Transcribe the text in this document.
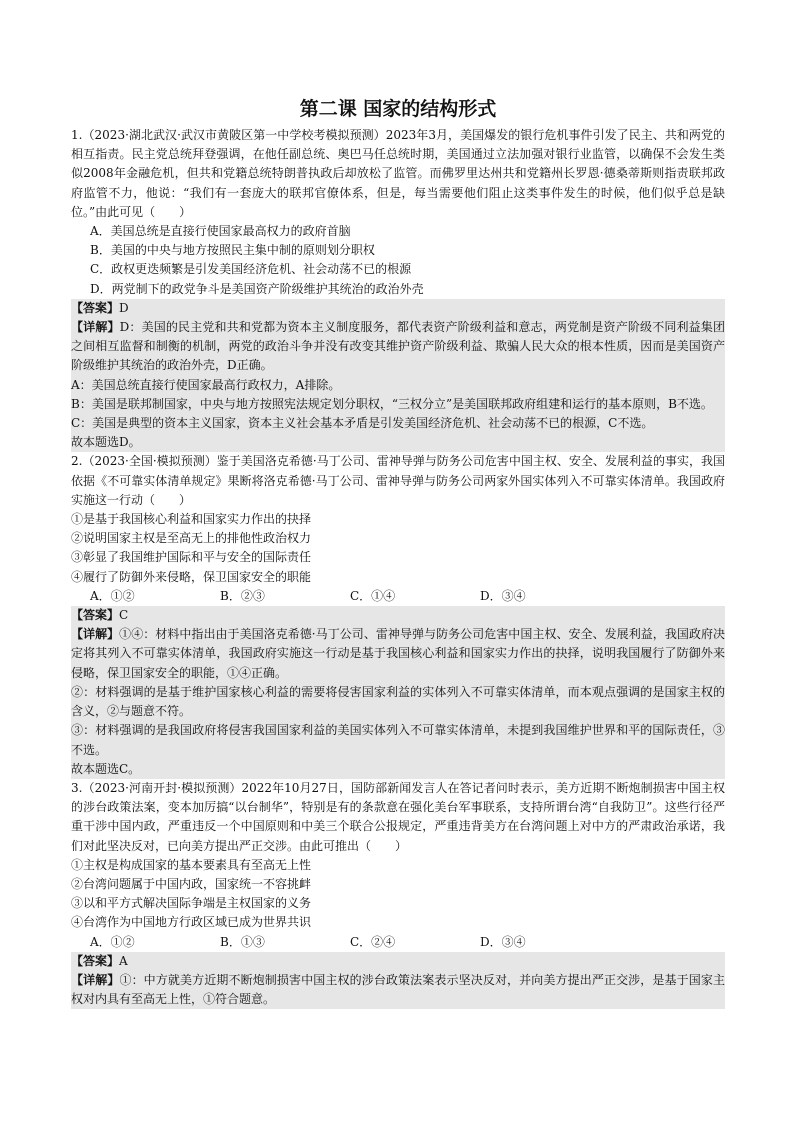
第二课 国家的结构形式

1.（2023·湖北武汉·武汉市黄陂区第一中学校考模拟预测）2023年3月，美国爆发的银行危机事件引发了民主、共和两党的相互指责。民主党总统拜登强调，在他任副总统、奥巴马任总统时期，美国通过立法加强对银行业监管，以确保不会发生类似2008年金融危机，但共和党籍总统特朗普执政后却放松了监管。而佛罗里达州共和党籍州长罗恩·德桑蒂斯则指责联邦政府监管不力，他说：“我们有一套庞大的联邦官僚体系，但是，每当需要他们阻止这类事件发生的时候，他们似乎总是缺位。”由此可见（　　）

A．美国总统是直接行使国家最高权力的政府首脑

B．美国的中央与地方按照民主集中制的原则划分职权

C．政权更迭频繁是引发美国经济危机、社会动荡不已的根源

D．两党制下的政党争斗是美国资产阶级维护其统治的政治外壳

【答案】D

【详解】D：美国的民主党和共和党都为资本主义制度服务，都代表资产阶级利益和意志，两党制是资产阶级不同利益集团之间相互监督和制衡的机制，两党的政治斗争并没有改变其维护资产阶级利益、欺骗人民大众的根本性质，因而是美国资产阶级维护其统治的政治外壳，D正确。

A：美国总统直接行使国家最高行政权力，A排除。

B：美国是联邦制国家，中央与地方按照宪法规定划分职权，“三权分立”是美国联邦政府组建和运行的基本原则，B不选。

C：美国是典型的资本主义国家，资本主义社会基本矛盾是引发美国经济危机、社会动荡不已的根源，C不选。

故本题选D。

2.（2023·全国·模拟预测）鉴于美国洛克希德·马丁公司、雷神导弹与防务公司危害中国主权、安全、发展利益的事实，我国依据《不可靠实体清单规定》果断将洛克希德·马丁公司、雷神导弹与防务公司两家外国实体列入不可靠实体清单。我国政府实施这一行动（　　）

①是基于我国核心利益和国家实力作出的抉择

②说明国家主权是至高无上的排他性政治权力

③彰显了我国维护国际和平与安全的国际责任

④履行了防御外来侵略，保卫国家安全的职能

A．①②	B．②③	C．①④	D．③④

【答案】C

【详解】①④：材料中指出由于美国洛克希德·马丁公司、雷神导弹与防务公司危害中国主权、安全、发展利益，我国政府决定将其列入不可靠实体清单，我国政府实施这一行动是基于我国核心利益和国家实力作出的抉择，说明我国履行了防御外来侵略，保卫国家安全的职能，①④正确。

②：材料强调的是基于维护国家核心利益的需要将侵害国家利益的实体列入不可靠实体清单，而本观点强调的是国家主权的含义，②与题意不符。

③：材料强调的是我国政府将侵害我国国家利益的美国实体列入不可靠实体清单，未提到我国维护世界和平的国际责任，③不选。

故本题选C。

3.（2023·河南开封·模拟预测）2022年10月27日，国防部新闻发言人在答记者问时表示，美方近期不断炮制损害中国主权的涉台政策法案，变本加厉搞“以台制华”，特别是有的条款意在强化美台军事联系，支持所谓台湾“自我防卫”。这些行径严重干涉中国内政，严重违反一个中国原则和中美三个联合公报规定，严重违背美方在台湾问题上对中方的严肃政治承诺，我们对此坚决反对，已向美方提出严正交涉。由此可推出（　　）

①主权是构成国家的基本要素具有至高无上性

②台湾问题属于中国内政，国家统一不容挑衅

③以和平方式解决国际争端是主权国家的义务

④台湾作为中国地方行政区域已成为世界共识

A．①②	B．①③	C．②④	D．③④

【答案】A

【详解】①：中方就美方近期不断炮制损害中国主权的涉台政策法案表示坚决反对，并向美方提出严正交涉，是基于国家主权对内具有至高无上性，①符合题意。
